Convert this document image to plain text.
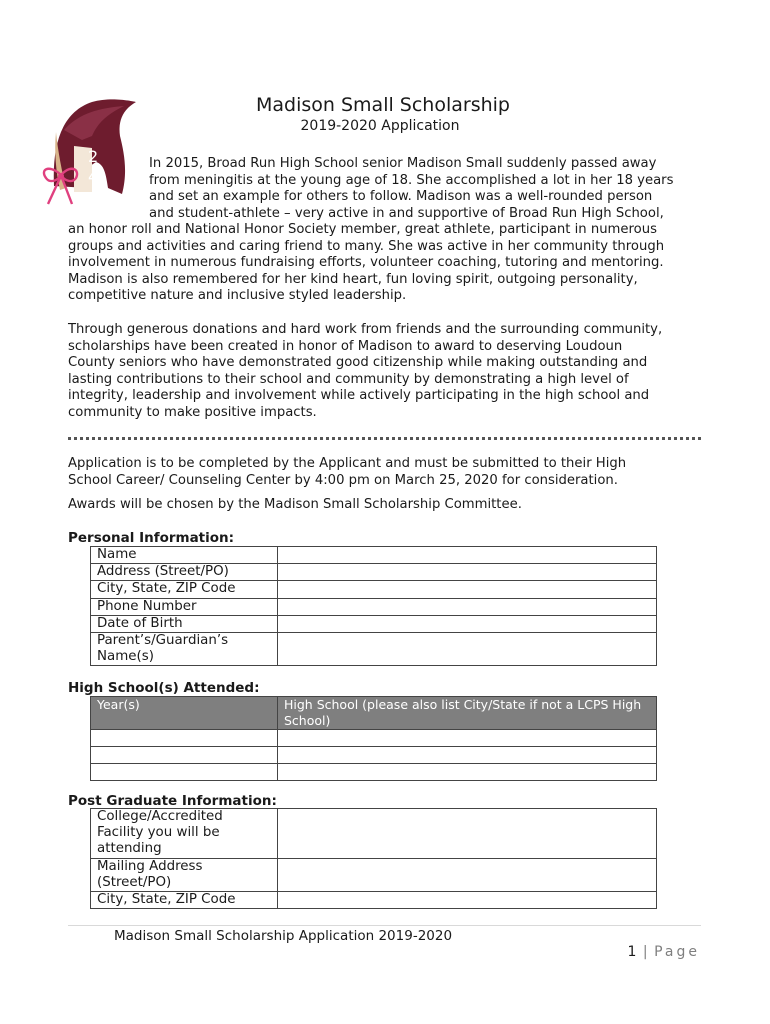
2
4
Madison Small Scholarship
2019-2020 Application
In 2015, Broad Run High School senior Madison Small suddenly passed away
from meningitis at the young age of 18. She accomplished a lot in her 18 years
and set an example for others to follow. Madison was a well-rounded person
and student-athlete – very active in and supportive of Broad Run High School,
an honor roll and National Honor Society member, great athlete, participant in numerous
groups and activities and caring friend to many. She was active in her community through
involvement in numerous fundraising efforts, volunteer coaching, tutoring and mentoring.
Madison is also remembered for her kind heart, fun loving spirit, outgoing personality,
competitive nature and inclusive styled leadership.
Through generous donations and hard work from friends and the surrounding community,
scholarships have been created in honor of Madison to award to deserving Loudoun
County seniors who have demonstrated good citizenship while making outstanding and
lasting contributions to their school and community by demonstrating a high level of
integrity, leadership and involvement while actively participating in the high school and
community to make positive impacts.
Application is to be completed by the Applicant and must be submitted to their High
School Career/ Counseling Center by 4:00 pm on March 25, 2020 for consideration.
Awards will be chosen by the Madison Small Scholarship Committee.
Personal Information:
Name	
Address (Street/PO)	
City, State, ZIP Code	
Phone Number	
Date of Birth	
Parent’s/Guardian’s Name(s)	
High School(s) Attended:
Year(s)	High School (please also list City/State if not a LCPS High School)

Post Graduate Information:
College/Accredited Facility you will be attending	
Mailing Address (Street/PO)	
City, State, ZIP Code	
Madison Small Scholarship Application 2019-2020
1 | Page
